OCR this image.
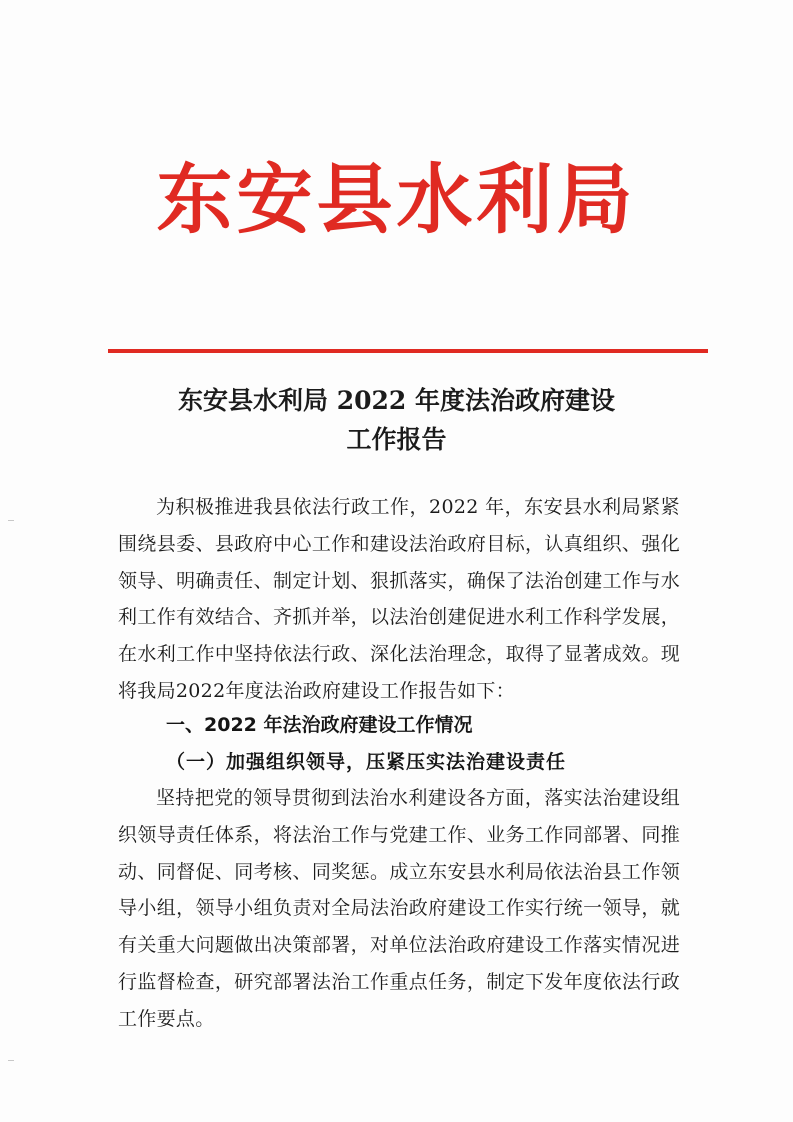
东安县水利局
东安县水利局 2022 年度法治政府建设
工作报告
为积极推进我县依法行政工作，2022 年，东安县水利局紧紧围绕县委、县政府中心工作和建设法治政府目标，认真组织、强化领导、明确责任、制定计划、狠抓落实，确保了法治创建工作与水利工作有效结合、齐抓并举，以法治创建促进水利工作科学发展，在水利工作中坚持依法行政、深化法治理念，取得了显著成效。现将我局2022年度法治政府建设工作报告如下：
一、2022 年法治政府建设工作情况
（一）加强组织领导，压紧压实法治建设责任
坚持把党的领导贯彻到法治水利建设各方面，落实法治建设组织领导责任体系，将法治工作与党建工作、业务工作同部署、同推动、同督促、同考核、同奖惩。成立东安县水利局依法治县工作领导小组，领导小组负责对全局法治政府建设工作实行统一领导，就有关重大问题做出决策部署，对单位法治政府建设工作落实情况进行监督检查，研究部署法治工作重点任务，制定下发年度依法行政工作要点。
